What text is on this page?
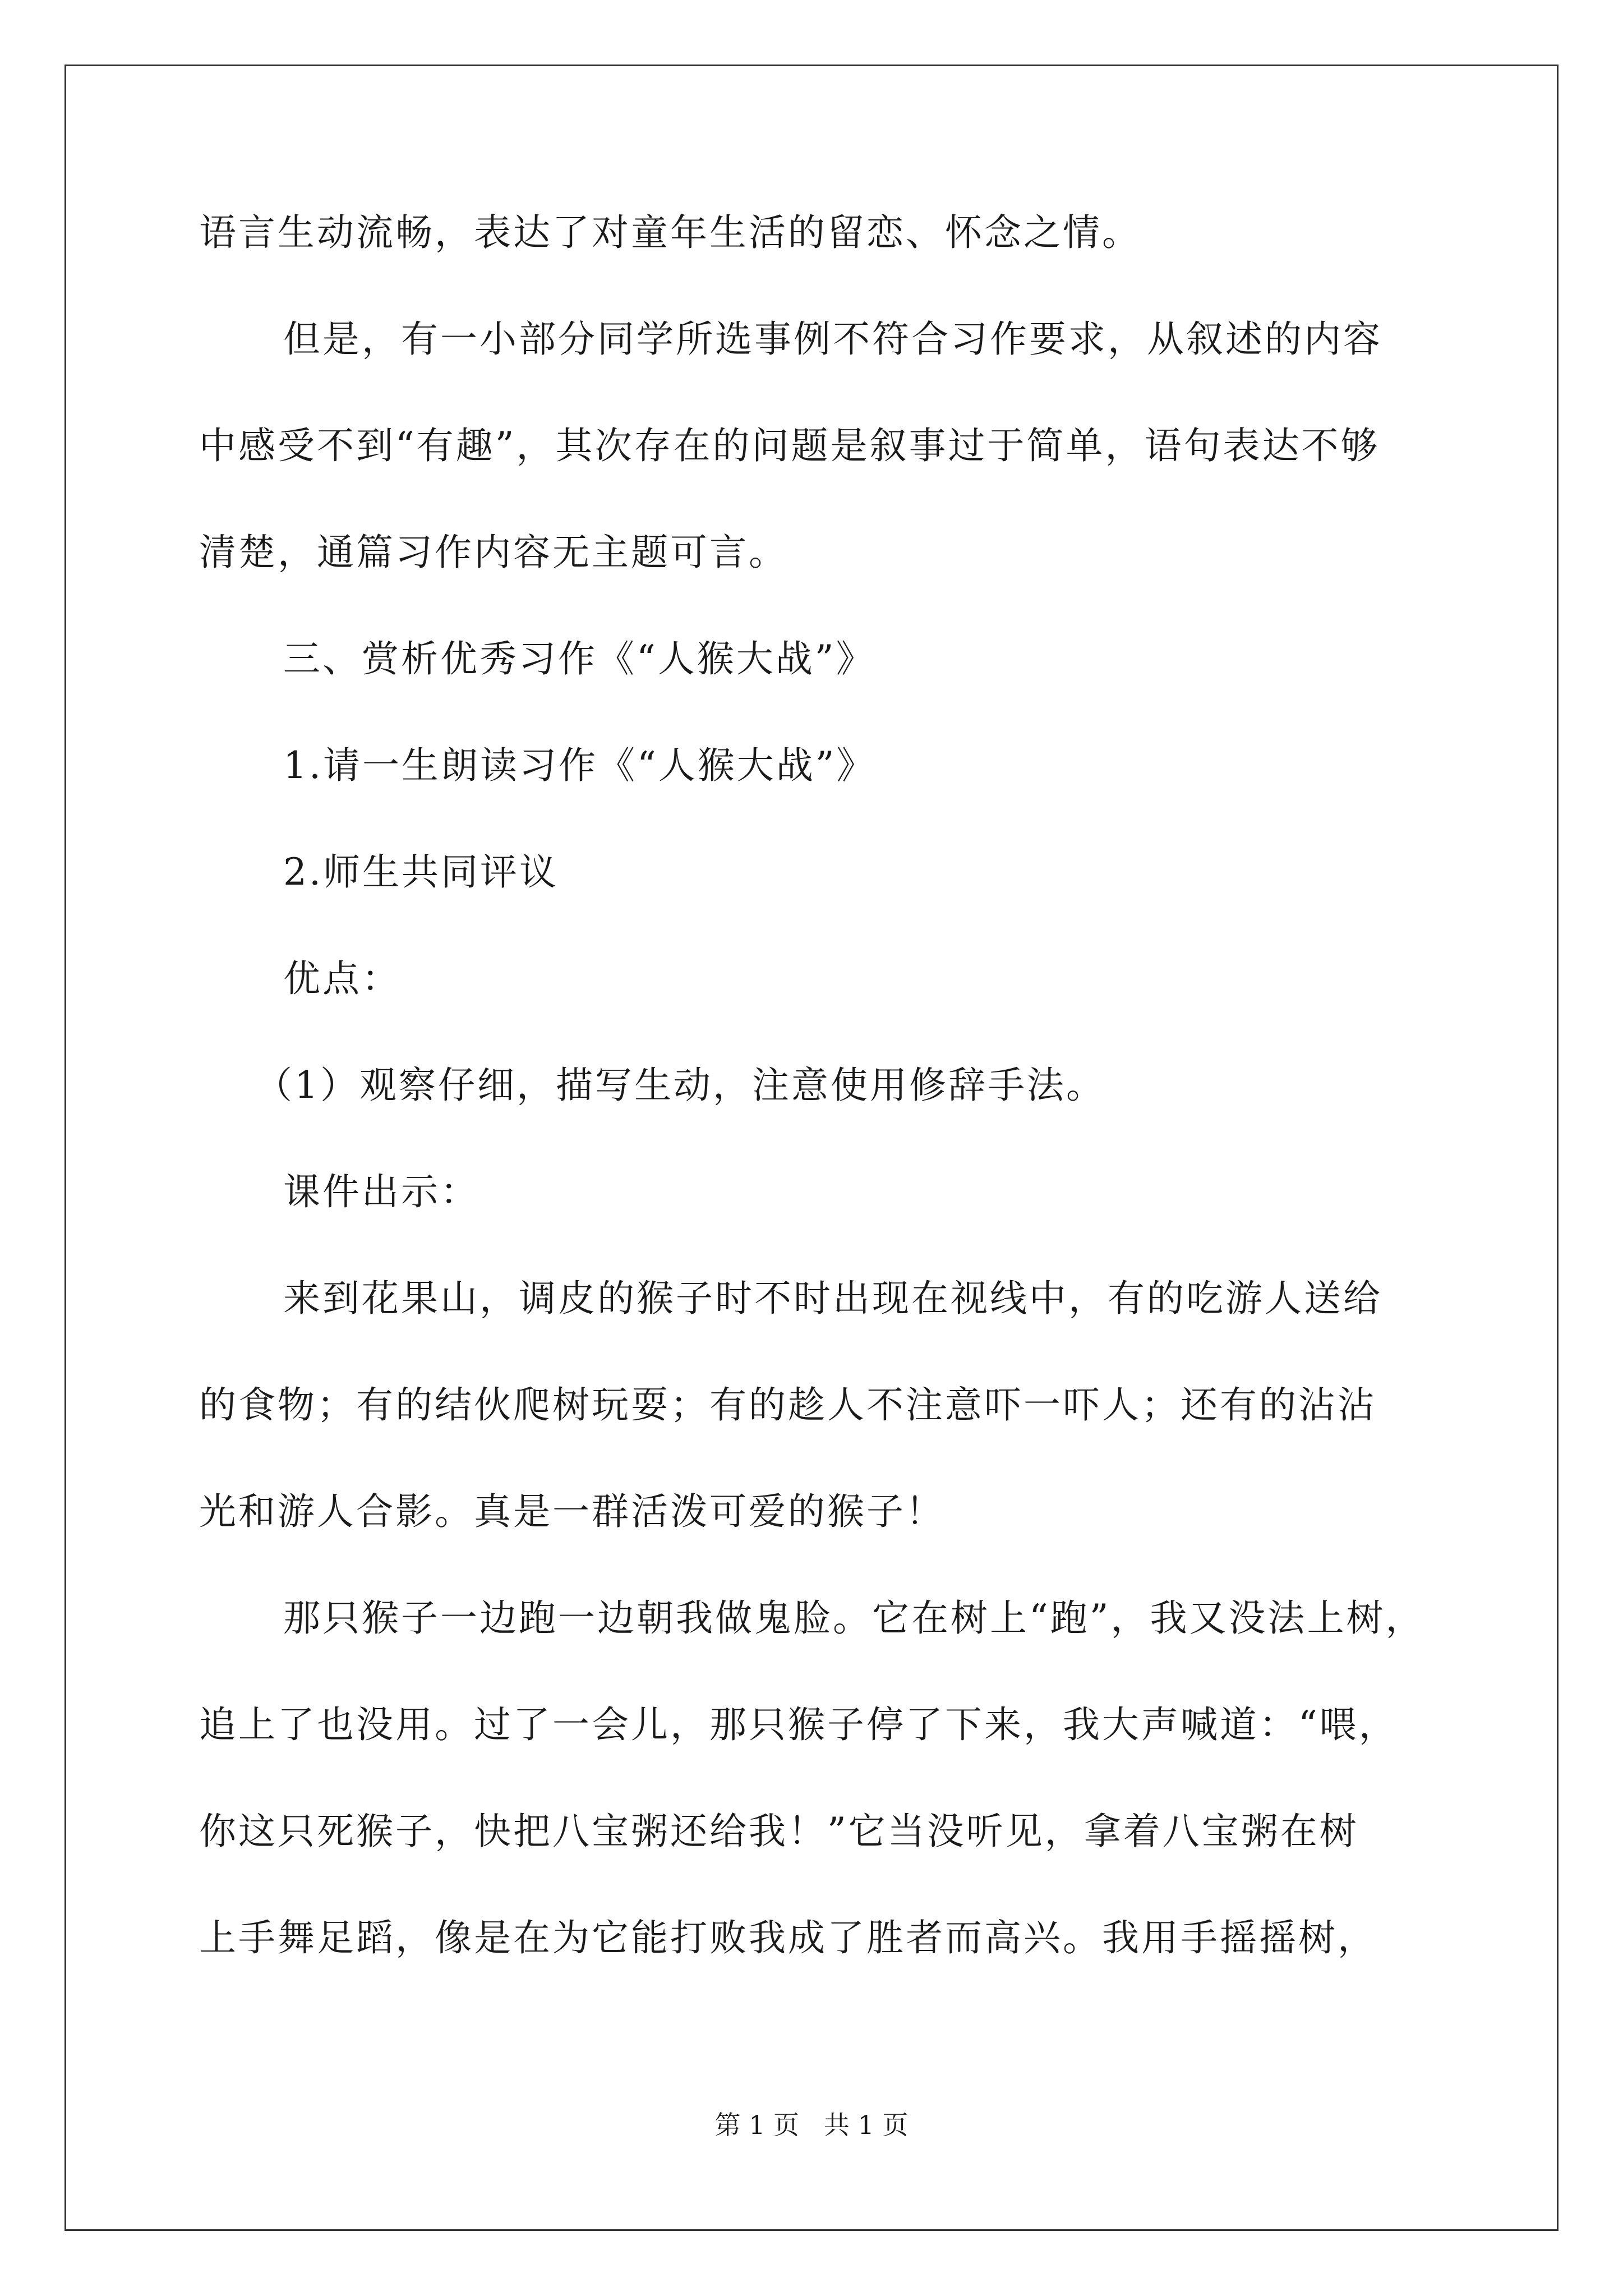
语言生动流畅，表达了对童年生活的留恋、怀念之情。
但是，有一小部分同学所选事例不符合习作要求，从叙述的内容
中感受不到“有趣”，其次存在的问题是叙事过于简单，语句表达不够
清楚，通篇习作内容无主题可言。
三、赏析优秀习作《“人猴大战”》
1.请一生朗读习作《“人猴大战”》
2.师生共同评议
优点：
（1）观察仔细，描写生动，注意使用修辞手法。
课件出示：
来到花果山，调皮的猴子时不时出现在视线中，有的吃游人送给
的食物；有的结伙爬树玩耍；有的趁人不注意吓一吓人；还有的沾沾
光和游人合影。真是一群活泼可爱的猴子！
那只猴子一边跑一边朝我做鬼脸。它在树上“跑”，我又没法上树，
追上了也没用。过了一会儿，那只猴子停了下来，我大声喊道：“喂，
你这只死猴子，快把八宝粥还给我！”它当没听见，拿着八宝粥在树
上手舞足蹈，像是在为它能打败我成了胜者而高兴。我用手摇摇树，
第 1 页   共 1 页
